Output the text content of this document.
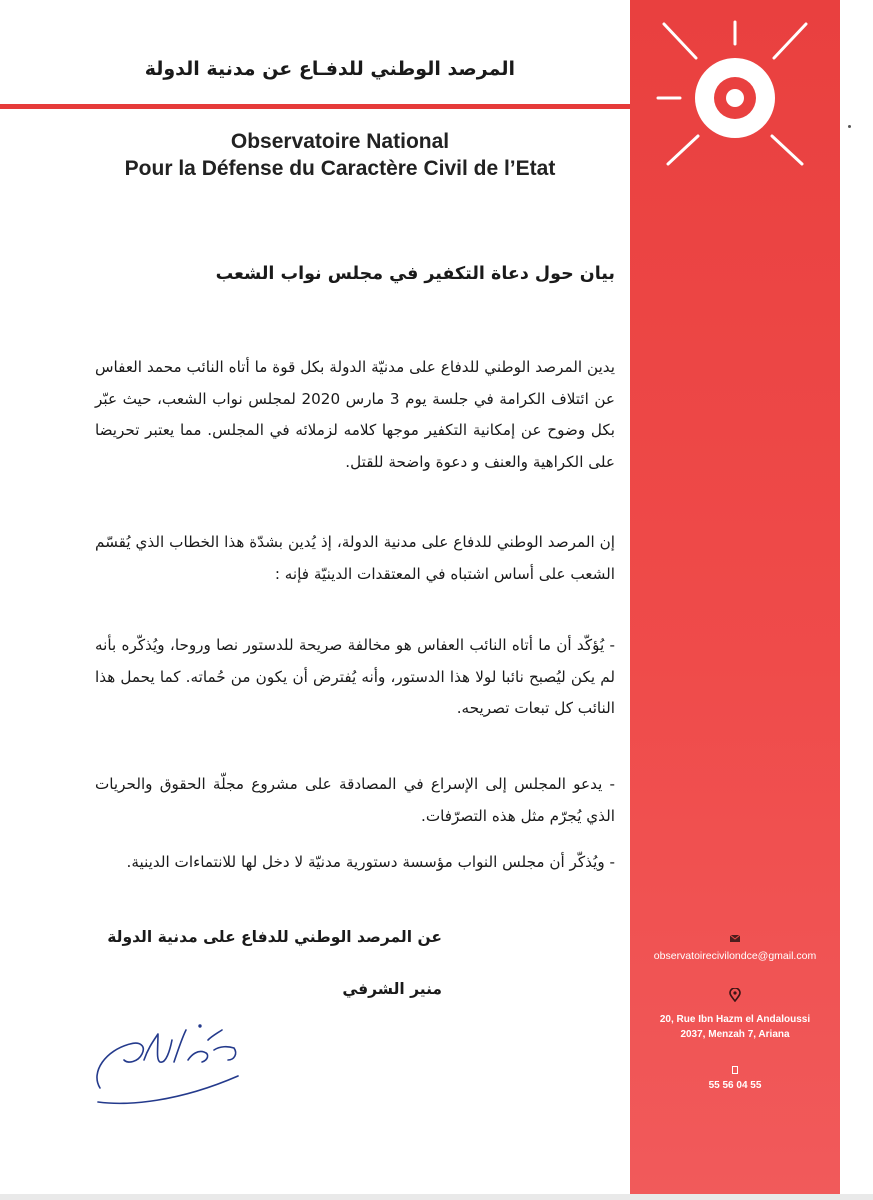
المرصد الوطني للدفـاع عن مدنية الدولة
Observatoire National
Pour la Défense du Caractère Civil de l’Etat
observatoirecivilondce@gmail.com
20, Rue Ibn Hazm el Andaloussi
2037, Menzah 7, Ariana
55 56 04 55
بيان حول دعاة التكفير في مجلس نواب الشعب
يدين المرصد الوطني للدفاع على مدنيّة الدولة بكل قوة ما أتاه النائب محمد العفاس عن ائتلاف الكرامة في جلسة يوم 3 مارس 2020 لمجلس نواب الشعب، حيث عبّر بكل وضوح عن إمكانية التكفير موجها كلامه لزملائه في المجلس. مما يعتبر تحريضا على الكراهية والعنف و دعوة واضحة للقتل.
إن المرصد الوطني للدفاع على مدنية الدولة، إذ يُدين بشدّة هذا الخطاب الذي يُقسّم الشعب على أساس اشتباه في المعتقدات الدينيّة فإنه :
- يُؤكّد أن ما أتاه النائب العفاس هو مخالفة صريحة للدستور نصا وروحا، ويُذكّره بأنه لم يكن ليُصبح نائبا لولا هذا الدستور، وأنه يُفترض أن يكون من حُماته. كما يحمل هذا النائب كل تبعات تصريحه.
- يدعو المجلس إلى الإسراع في المصادقة على مشروع مجلّة الحقوق والحريات الذي يُجرّم مثل هذه التصرّفات.
- ويُذكّر أن مجلس النواب مؤسسة دستورية مدنيّة لا دخل لها للانتماءات الدينية.
عن المرصد الوطني للدفاع على مدنية الدولة
منير الشرفي
